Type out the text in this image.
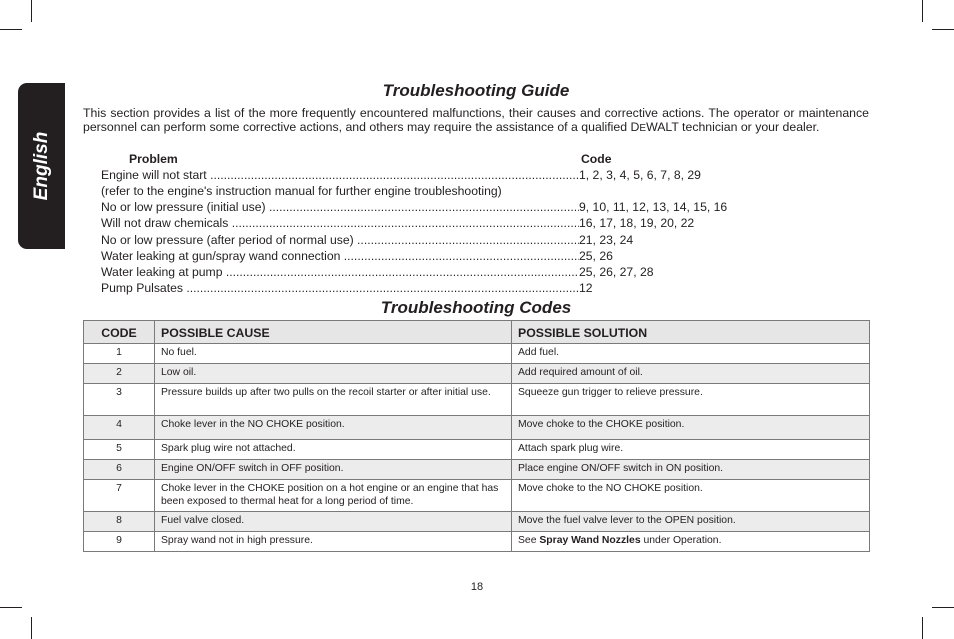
English
Troubleshooting Guide
This section provides a list of the more frequently encountered malfunctions, their causes and corrective actions. The operator or maintenance personnel can perform some corrective actions, and others may require the assistance of a qualified DEWALT technician or your dealer.
Problem	Code
Engine will not start .....	1, 2, 3, 4, 5, 6, 7, 8, 29
(refer to the engine's instruction manual for further engine troubleshooting)
No or low pressure (initial use) .....	9, 10, 11, 12, 13, 14, 15, 16
Will not draw chemicals .....	16, 17, 18, 19, 20, 22
No or low pressure (after period of normal use) .....	21, 23, 24
Water leaking at gun/spray wand connection .....	25, 26
Water leaking at pump .....	25, 26, 27, 28
Pump Pulsates .....	12
Troubleshooting Codes
CODE	POSSIBLE CAUSE	POSSIBLE SOLUTION
1	No fuel.	Add fuel.
2	Low oil.	Add required amount of oil.
3	Pressure builds up after two pulls on the recoil starter or after initial use.	Squeeze gun trigger to relieve pressure.
4	Choke lever in the NO CHOKE position.	Move choke to the CHOKE position.
5	Spark plug wire not attached.	Attach spark plug wire.
6	Engine ON/OFF switch in OFF position.	Place engine ON/OFF switch in ON position.
7	Choke lever in the CHOKE position on a hot engine or an engine that has been exposed to thermal heat for a long period of time.	Move choke to the NO CHOKE position.
8	Fuel valve closed.	Move the fuel valve lever to the OPEN position.
9	Spray wand not in high pressure.	See Spray Wand Nozzles under Operation.
18
